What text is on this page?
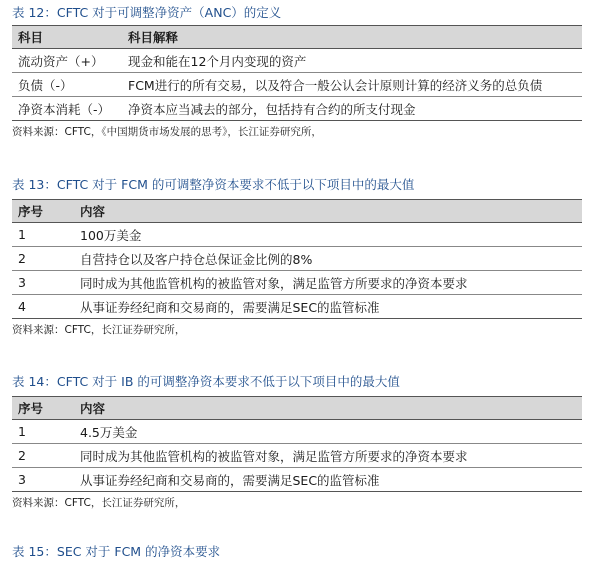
表 12：CFTC 对于可调整净资产（ANC）的定义
科目	科目解释
流动资产（+）	现金和能在12个月内变现的资产
负债（-）	FCM进行的所有交易，以及符合一般公认会计原则计算的经济义务的总负债
净资本消耗（-）	净资本应当减去的部分，包括持有合约的所支付现金
资料来源：CFTC，《中国期货市场发展的思考》，长江证券研究所，
表 13：CFTC 对于 FCM 的可调整净资本要求不低于以下项目中的最大值
序号	内容
1	100万美金
2	自营持仓以及客户持仓总保证金比例的8%
3	同时成为其他监管机构的被监管对象，满足监管方所要求的净资本要求
4	从事证券经纪商和交易商的，需要满足SEC的监管标准
资料来源：CFTC，长江证券研究所，
表 14：CFTC 对于 IB 的可调整净资本要求不低于以下项目中的最大值
序号	内容
1	4.5万美金
2	同时成为其他监管机构的被监管对象，满足监管方所要求的净资本要求
3	从事证券经纪商和交易商的，需要满足SEC的监管标准
资料来源：CFTC，长江证券研究所，
表 15：SEC 对于 FCM 的净资本要求
